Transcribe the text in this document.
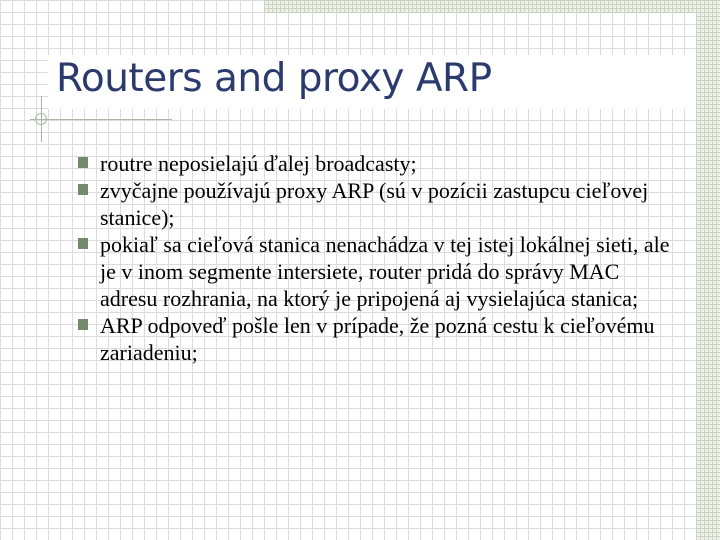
Routers and proxy ARP
routre neposielajú ďalej broadcasty;
zvyčajne používajú proxy ARP (sú v pozícii zastupcu cieľovej stanice);
pokiaľ sa cieľová stanica nenachádza v tej istej lokálnej sieti, ale je v inom segmente intersiete, router pridá do správy MAC adresu rozhrania, na ktorý je pripojená aj vysielajúca stanica;
ARP odpoveď pošle len v prípade, že pozná cestu k cieľovému zariadeniu;
